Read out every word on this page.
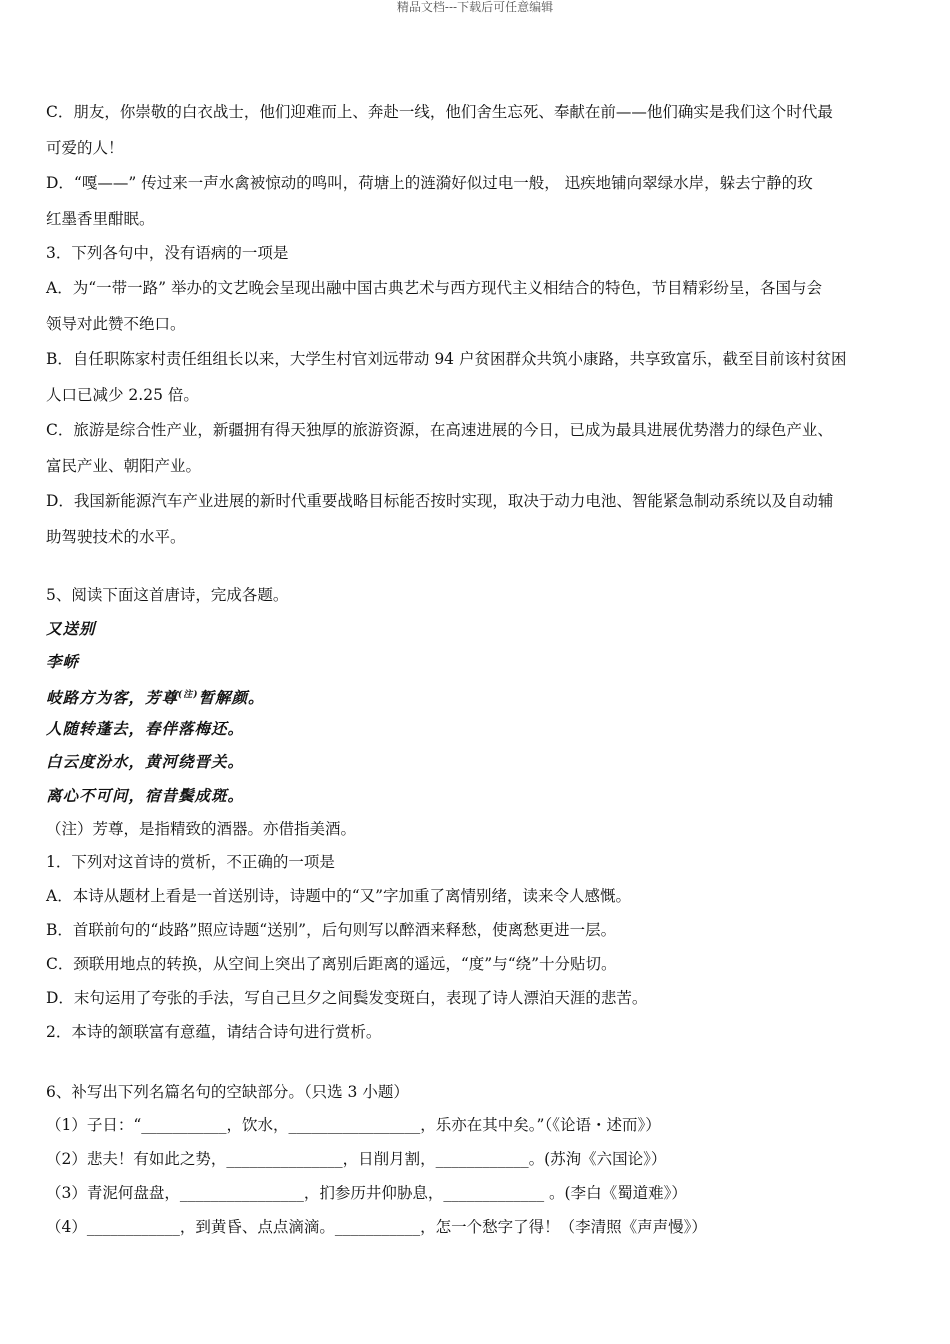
精品文档---下载后可任意编辑
C．朋友，你崇敬的白衣战士，他们迎难而上、奔赴一线，他们舍生忘死、奉献在前——他们确实是我们这个时代最
可爱的人！
D．“嘎——” 传过来一声水禽被惊动的鸣叫，荷塘上的涟漪好似过电一般， 迅疾地铺向翠绿水岸，躲去宁静的玫
红墨香里酣眠。
3．下列各句中，没有语病的一项是
A．为“一带一路” 举办的文艺晚会呈现出融中国古典艺术与西方现代主义相结合的特色，节目精彩纷呈，各国与会
领导对此赞不绝口。
B．自任职陈家村责任组组长以来，大学生村官刘远带动 94 户贫困群众共筑小康路，共享致富乐，截至目前该村贫困
人口已减少 2.25 倍。
C．旅游是综合性产业，新疆拥有得天独厚的旅游资源，在高速进展的今日，已成为最具进展优势潜力的绿色产业、
富民产业、朝阳产业。
D．我国新能源汽车产业进展的新时代重要战略目标能否按时实现，取决于动力电池、智能紧急制动系统以及自动辅
助驾驶技术的水平。
5、阅读下面这首唐诗，完成各题。
又送别
李峤
岐路方为客，芳尊$^{(注)}$暂解颜。
人随转蓬去，春伴落梅还。
白云度汾水，黄河绕晋关。
离心不可问，宿昔鬓成斑。
（注）芳尊，是指精致的酒器。亦借指美酒。
1．下列对这首诗的赏析，不正确的一项是
A．本诗从题材上看是一首送别诗，诗题中的“又”字加重了离情别绪，读来令人感慨。
B．首联前句的“歧路”照应诗题“送别”，后句则写以醉酒来释愁，使离愁更进一层。
C．颈联用地点的转换，从空间上突出了离别后距离的遥远，“度”与“绕”十分贴切。
D．末句运用了夸张的手法，写自己旦夕之间鬓发变斑白，表现了诗人漂泊天涯的悲苦。
2．本诗的颔联富有意蕴，请结合诗句进行赏析。
6、补写出下列名篇名句的空缺部分。（只选 3 小题）
（1）子日：“___________，饮水，_________________，乐亦在其中矣。”（《论语・述而》）
（2）悲夫！有如此之势，_______________，日削月割，____________。(苏洵《六国论》）
（3）青泥何盘盘，________________，扪参历井仰胁息，_____________ 。(李白《蜀道难》）
（4）____________，到黄昏、点点滴滴。___________，怎一个愁字了得！（李清照《声声慢》）
